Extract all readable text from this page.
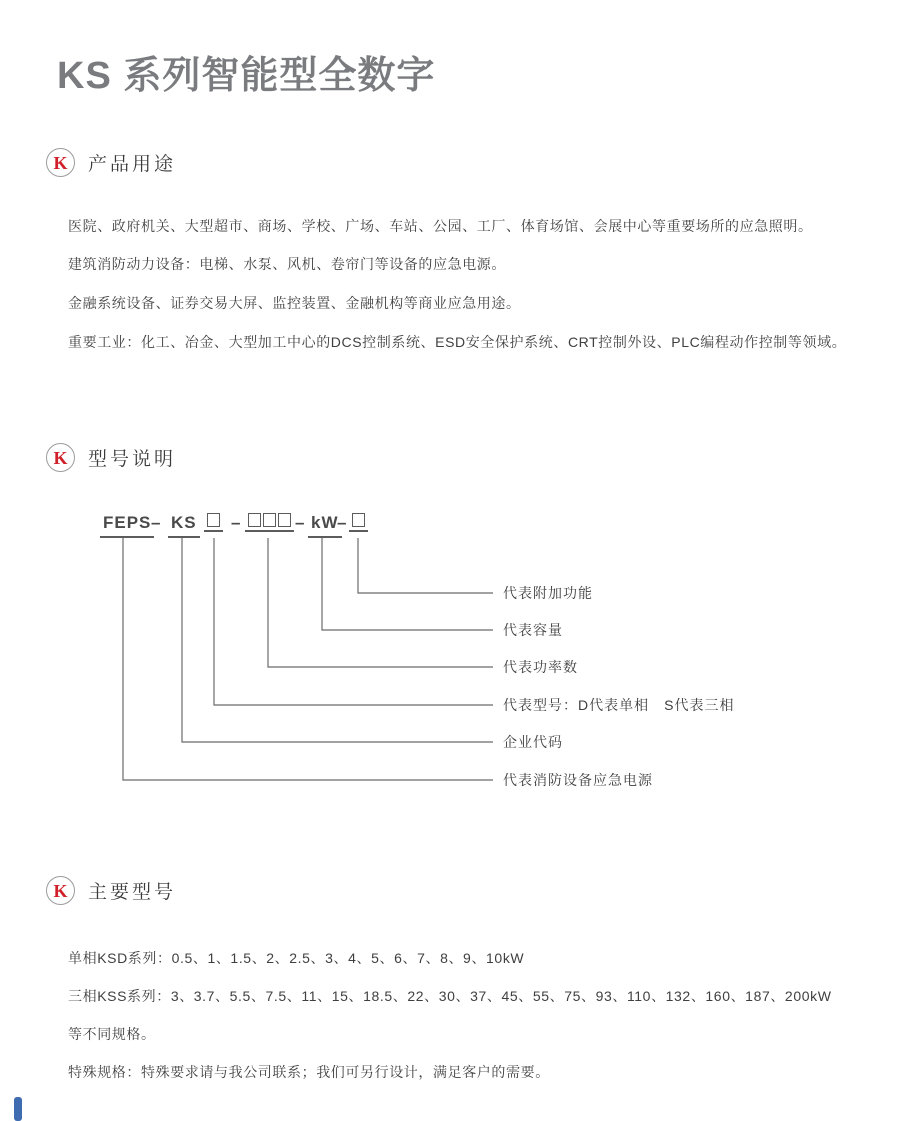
KS 系列智能型全数字
K	产品用途
医院、政府机关、大型超市、商场、学校、广场、车站、公园、工厂、体育场馆、会展中心等重要场所的应急照明。
建筑消防动力设备：电梯、水泵、风机、卷帘门等设备的应急电源。
金融系统设备、证券交易大屏、监控装置、金融机构等商业应急用途。
重要工业：化工、冶金、大型加工中心的DCS控制系统、ESD安全保护系统、CRT控制外设、PLC编程动作控制等领域。
K	型号说明
FEPS – KS –	– kW
–
代表附加功能
代表容量
代表功率数
代表型号：D代表单相　S代表三相
企业代码
代表消防设备应急电源
K	主要型号
单相KSD系列：0.5、1、1.5、2、2.5、3、4、5、6、7、8、9、10kW
三相KSS系列：3、3.7、5.5、7.5、11、15、18.5、22、30、37、45、55、75、93、110、132、160、187、200kW
等不同规格。
特殊规格：特殊要求请与我公司联系；我们可另行设计，满足客户的需要。
